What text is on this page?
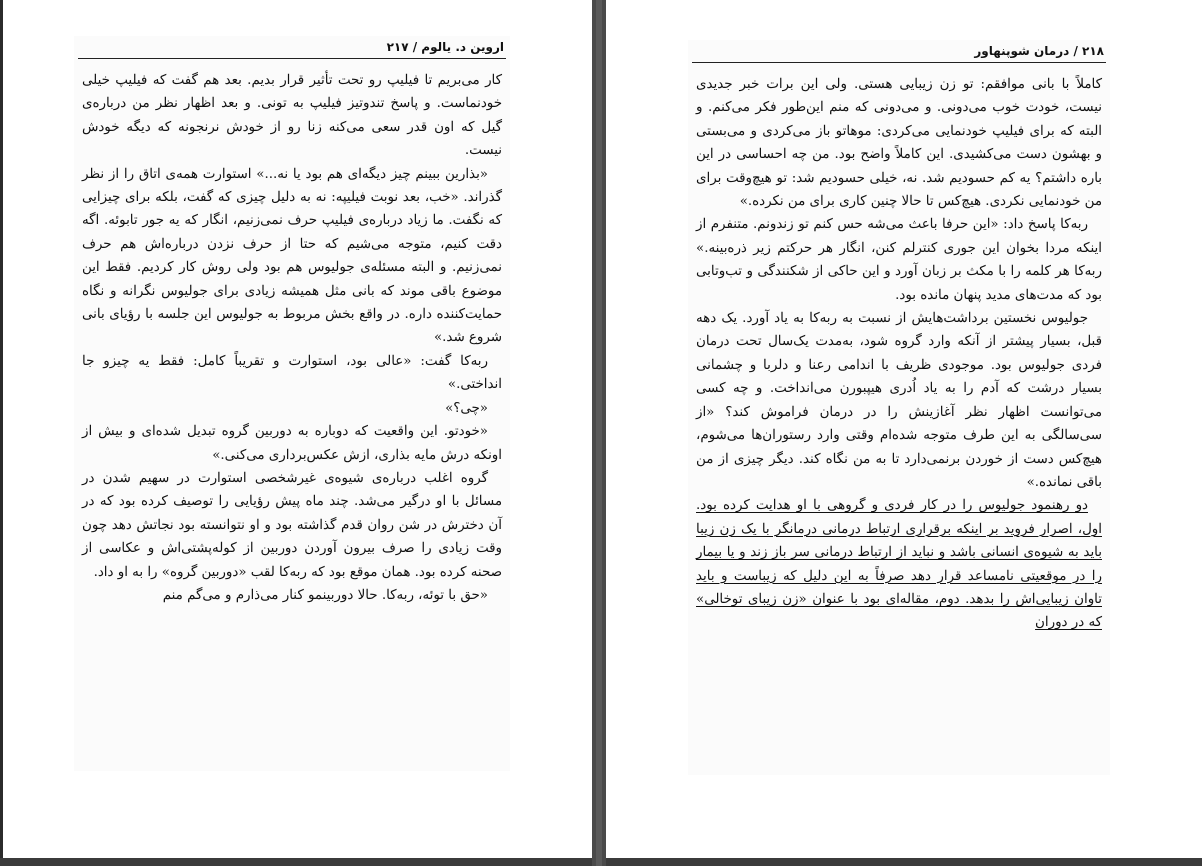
اروین د. یالوم / ۲۱۷

کار می‌بریم تا فیلیپ رو تحت تأثیر قرار بدیم. بعد هم گفت که فیلیپ خیلی خودنماست. و پاسخ تندوتیز فیلیپ به تونی. و بعد اظهار نظر من درباره‌ی گیل که اون قدر سعی می‌کنه زنا رو از خودش نرنجونه که دیگه خودش نیست.

«بذارین ببینم چیز دیگه‌ای هم بود یا نه...» استوارت همه‌ی اتاق را از نظر گذراند. «خب، بعد نوبت فیلیپه: نه به دلیل چیزی که گفت، بلکه برای چیزایی که نگفت. ما زیاد درباره‌ی فیلیپ حرف نمی‌زنیم، انگار که یه جور تابوئه. اگه دقت کنیم، متوجه می‌شیم که حتا از حرف نزدن درباره‌اش هم حرف نمی‌زنیم. و البته مسئله‌ی جولیوس هم بود ولی روش کار کردیم. فقط این موضوع باقی موند که بانی مثل همیشه زیادی برای جولیوس نگرانه و نگاه حمایت‌کننده داره. در واقع بخش مربوط به جولیوس این جلسه با رؤیای بانی شروع شد.»

ربه‌کا گفت: «عالی بود، استوارت و تقریباً کامل: فقط یه چیزو جا انداختی.»

«چی؟»

«خودتو. این واقعیت که دوباره به دوربین گروه تبدیل شده‌ای و بیش از اونکه درش مایه بذاری، ازش عکس‌برداری می‌کنی.»

گروه اغلب درباره‌ی شیوه‌ی غیرشخصی استوارت در سهیم شدن در مسائل با او درگیر می‌شد. چند ماه پیش رؤیایی را توصیف کرده بود که در آن دخترش در شن روان قدم گذاشته بود و او نتوانسته بود نجاتش دهد چون وقت زیادی را صرف بیرون آوردن دوربین از کوله‌پشتی‌اش و عکاسی از صحنه کرده بود. همان موقع بود که ربه‌کا لقب «دوربین گروه» را به او داد.

«حق با توئه، ربه‌کا. حالا دوربینمو کنار می‌ذارم و می‌گم منم

۲۱۸ / درمان شوپنهاور

کاملاً با بانی موافقم: تو زن زیبایی هستی. ولی این برات خبر جدیدی نیست، خودت خوب می‌دونی. و می‌دونی که منم این‌طور فکر می‌کنم. و البته که برای فیلیپ خودنمایی می‌کردی: موهاتو باز می‌کردی و می‌بستی و بهشون دست می‌کشیدی. این کاملاً واضح بود. من چه احساسی در این باره داشتم؟ یه کم حسودیم شد. نه، خیلی حسودیم شد: تو هیچ‌وقت برای من خودنمایی نکردی. هیچ‌کس تا حالا چنین کاری برای من نکرده.»

ربه‌کا پاسخ داد: «این حرفا باعث می‌شه حس کنم تو زندونم. متنفرم از اینکه مردا بخوان این جوری کنترلم کنن، انگار هر حرکتم زیر ذره‌بینه.» ربه‌کا هر کلمه را با مکث بر زبان آورد و این حاکی از شکنندگی و تب‌وتابی بود که مدت‌های مدید پنهان مانده بود.

جولیوس نخستین برداشت‌هایش از نسبت به ربه‌کا به یاد آورد. یک دهه قبل، بسیار پیشتر از آنکه وارد گروه شود، به‌مدت یک‌سال تحت درمان فردی جولیوس بود. موجودی ظریف با اندامی رعنا و دلربا و چشمانی بسیار درشت که آدم را به یاد اُدری هیپبورن می‌انداخت. و چه کسی می‌توانست اظهار نظر آغازینش را در درمان فراموش کند؟ «از سی‌سالگی به این طرف متوجه شده‌ام وقتی وارد رستوران‌ها می‌شوم، هیچ‌کس دست از خوردن برنمی‌دارد تا به من نگاه کند. دیگر چیزی از من باقی نمانده.»

دو رهنمود جولیوس را در کار فردی و گروهی با او هدایت کرده بود. اول، اصرار فروید بر اینکه برقراری ارتباط درمانی درمانگر با یک زن زیبا باید به شیوه‌ی انسانی باشد و نباید از ارتباط درمانی سر باز زند و یا بیمار را در موقعیتی نامساعد قرار دهد صرفاً به این دلیل که زیباست و باید تاوان زیبایی‌اش را بدهد. دوم، مقاله‌ای بود با عنوان «زن زیبای توخالی» که در دوران
